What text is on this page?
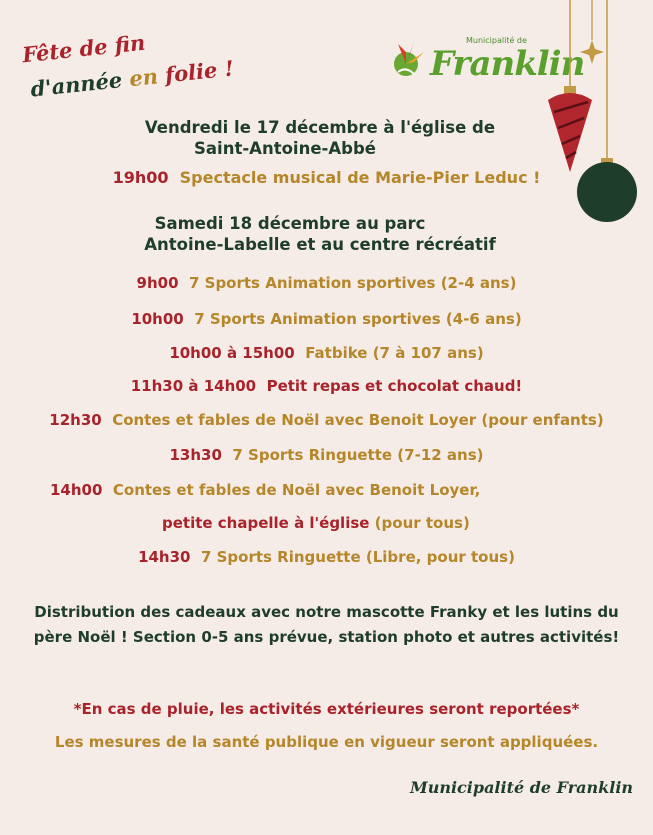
Fête de fin
d'année en folie !
Municipalité de
Franklin
Vendredi le 17 décembre à l'église de
Saint-Antoine-Abbé
19h00 Spectacle musical de Marie-Pier Leduc !
Samedi 18 décembre au parc
Antoine-Labelle et au centre récréatif
9h00 7 Sports Animation sportives (2-4 ans)
10h00 7 Sports Animation sportives (4-6 ans)
10h00 à 15h00 Fatbike (7 à 107 ans)
11h30 à 14h00 Petit repas et chocolat chaud!
12h30 Contes et fables de Noël avec Benoit Loyer (pour enfants)
13h30 7 Sports Ringuette (7-12 ans)
14h00 Contes et fables de Noël avec Benoit Loyer,
petite chapelle à l'église (pour tous)
14h30 7 Sports Ringuette (Libre, pour tous)
Distribution des cadeaux avec notre mascotte Franky et les lutins du père Noël ! Section 0-5 ans prévue, station photo et autres activités!
*En cas de pluie, les activités extérieures seront reportées*
Les mesures de la santé publique en vigueur seront appliquées.
Municipalité de Franklin
